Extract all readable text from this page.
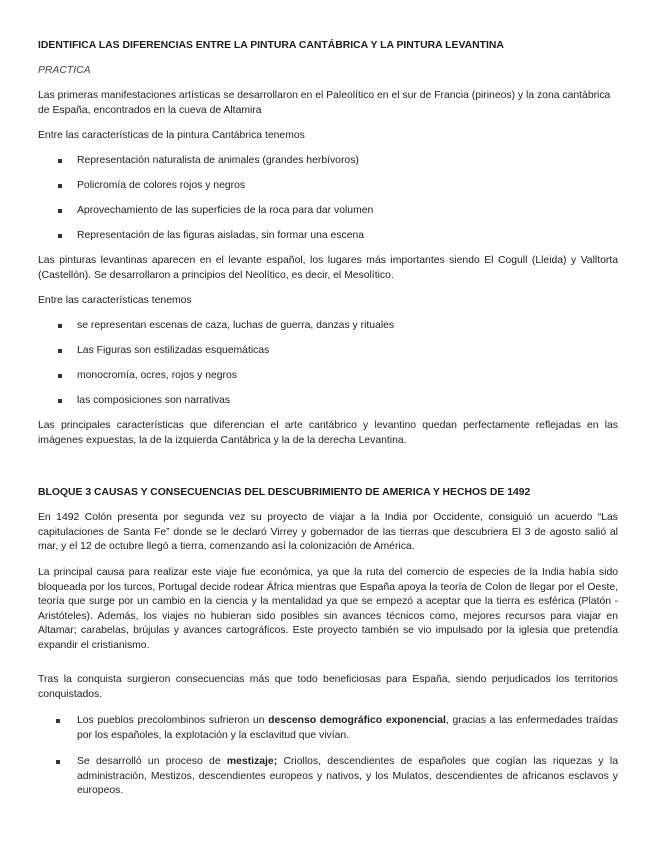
IDENTIFICA LAS DIFERENCIAS ENTRE LA PINTURA CANTÁBRICA Y LA PINTURA LEVANTINA
PRACTICA

Las primeras manifestaciones artísticas se desarrollaron en el Paleolítico en el sur de Francia (pirineos) y la zona cantábrica de España, encontrados en la cueva de Altamira

Entre las características de la pintura Cantábrica tenemos

Representación naturalista de animales (grandes herbívoros)
Policromía de colores rojos y negros
Aprovechamiento de las superficies de la roca para dar volumen
Representación de las figuras aisladas, sin formar una escena

Las pinturas levantinas aparecen en el levante español, los lugares más importantes siendo El Cogull (Lleida) y Valltorta (Castellón). Se desarrollaron a principios del Neolítico, es decir, el Mesolítico.

Entre las características tenemos

se representan escenas de caza, luchas de guerra, danzas y rituales
Las Figuras son estilizadas esquemáticas
monocromía, ocres, rojos y negros
las composiciones son narrativas

Las principales características que diferencian el arte cantábrico y levantino quedan perfectamente reflejadas en las imágenes expuestas, la de la izquierda Cantábrica y la de la derecha Levantina.

BLOQUE 3 CAUSAS Y CONSECUENCIAS DEL DESCUBRIMIENTO DE AMERICA Y HECHOS DE 1492

En 1492 Colón presenta por segunda vez su proyecto de viajar a la India por Occidente, consiguió un acuerdo “Las capitulaciones de Santa Fe” donde se le declaró Virrey y gobernador de las tierras que descubriera El 3 de agosto salió al mar, y el 12 de octubre llegó a tierra, comenzando así la colonización de América.

La principal causa para realizar este viaje fue económica, ya que la ruta del comercio de especies de la India había sido bloqueada por los turcos, Portugal decide rodear África mientras que España apoya la teoría de Colon de llegar por el Oeste, teoría que surge por un cambio en la ciencia y la mentalidad ya que se empezó a aceptar que la tierra es esférica (Platón - Aristóteles). Además, los viajes no hubieran sido posibles sin avances técnicos como, mejores recursos para viajar en Altamar; carabelas, brújulas y avances cartográficos. Este proyecto también se vio impulsado por la iglesia que pretendía expandir el cristianismo.

Tras la conquista surgieron consecuencias más que todo beneficiosas para España, siendo perjudicados los territorios conquistados.

Los pueblos precolombinos sufrieron un descenso demográfico exponencial, gracias a las enfermedades traídas por los españoles, la explotación y la esclavitud que vivían.
Se desarrolló un proceso de mestizaje; Criollos, descendientes de españoles que cogían las riquezas y la administración, Mestizos, descendientes europeos y nativos, y los Mulatos, descendientes de africanos esclavos y europeos.
